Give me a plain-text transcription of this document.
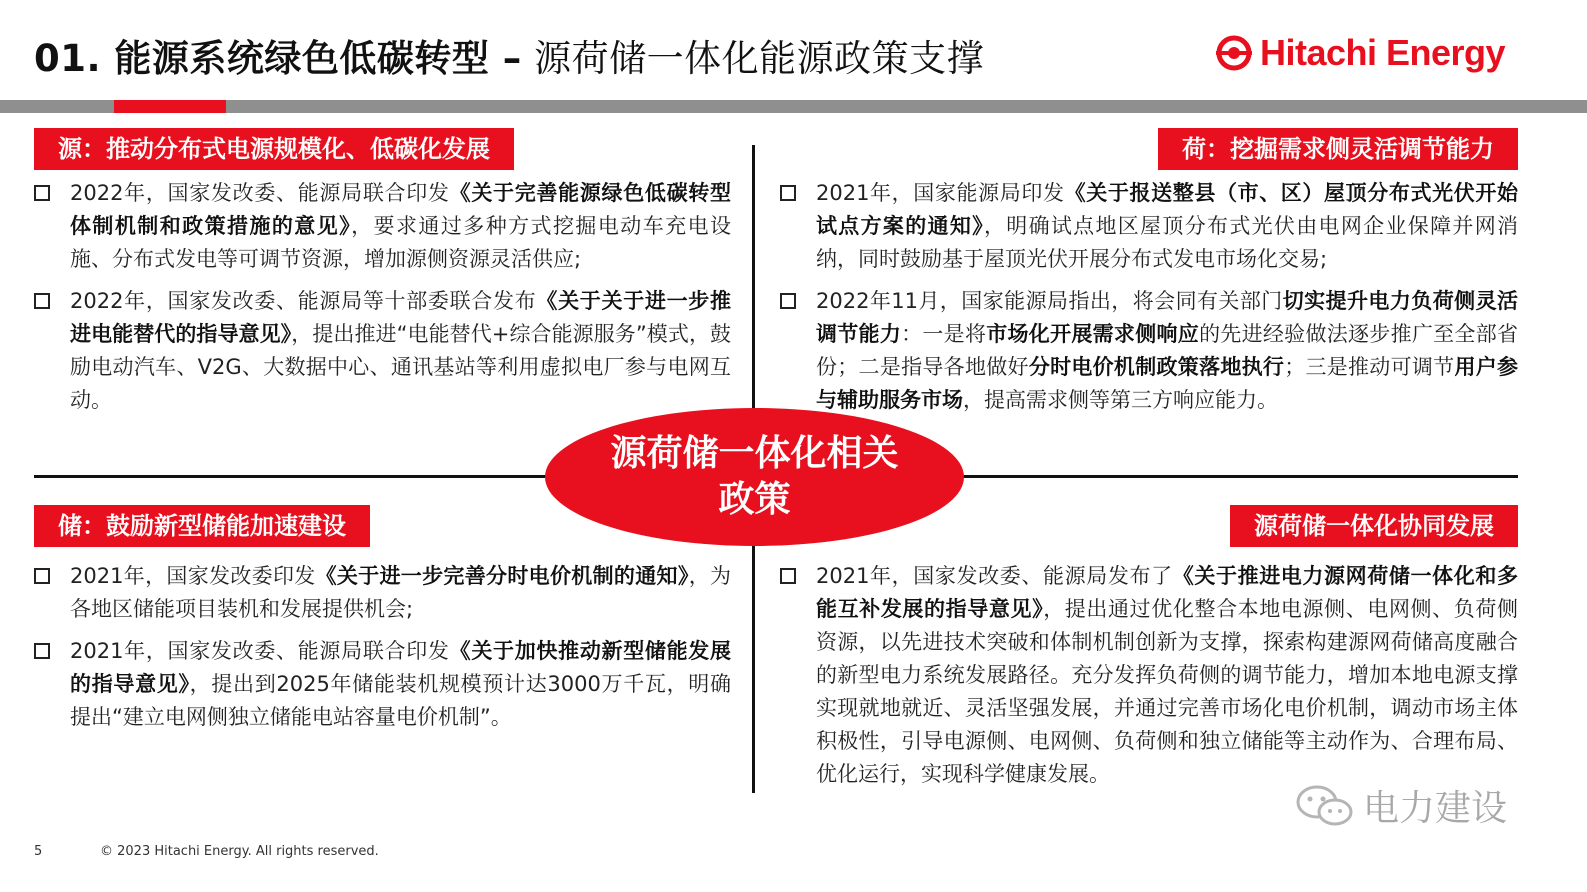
01. 能源系统绿色低碳转型 – 源荷储一体化能源政策支撑	Hitachi Energy
源：推动分布式电源规模化、低碳化发展	荷：挖掘需求侧灵活调节能力
储：鼓励新型储能加速建设	源荷储一体化协同发展
2022年，国家发改委、能源局联合印发《关于完善能源绿色低碳转型体制机制和政策措施的意见》，要求通过多种方式挖掘电动车充电设施、分布式发电等可调节资源，增加源侧资源灵活供应;
2022年，国家发改委、能源局等十部委联合发布《关于关于进一步推进电能替代的指导意见》，提出推进“电能替代+综合能源服务”模式，鼓励电动汽车、V2G、大数据中心、通讯基站等利用虚拟电厂参与电网互动。
2021年，国家能源局印发《关于报送整县（市、区）屋顶分布式光伏开始试点方案的通知》，明确试点地区屋顶分布式光伏由电网企业保障并网消纳，同时鼓励基于屋顶光伏开展分布式发电市场化交易;
2022年11月，国家能源局指出，将会同有关部门切实提升电力负荷侧灵活调节能力：一是将市场化开展需求侧响应的先进经验做法逐步推广至全部省份；二是指导各地做好分时电价机制政策落地执行；三是推动可调节用户参与辅助服务市场，提高需求侧等第三方响应能力。
2021年，国家发改委印发《关于进一步完善分时电价机制的通知》，为各地区储能项目装机和发展提供机会;
2021年，国家发改委、能源局联合印发《关于加快推动新型储能发展的指导意见》，提出到2025年储能装机规模预计达3000万千瓦，明确提出“建立电网侧独立储能电站容量电价机制”。
2021年，国家发改委、能源局发布了《关于推进电力源网荷储一体化和多能互补发展的指导意见》，提出通过优化整合本地电源侧、电网侧、负荷侧资源，以先进技术突破和体制机制创新为支撑，探索构建源网荷储高度融合的新型电力系统发展路径。充分发挥负荷侧的调节能力，增加本地电源支撑实现就地就近、灵活坚强发展，并通过完善市场化电价机制，调动市场主体积极性，引导电源侧、电网侧、负荷侧和独立储能等主动作为、合理布局、优化运行，实现科学健康发展。
源荷储一体化相关政策
5	© 2023 Hitachi Energy. All rights reserved.
电力建设
